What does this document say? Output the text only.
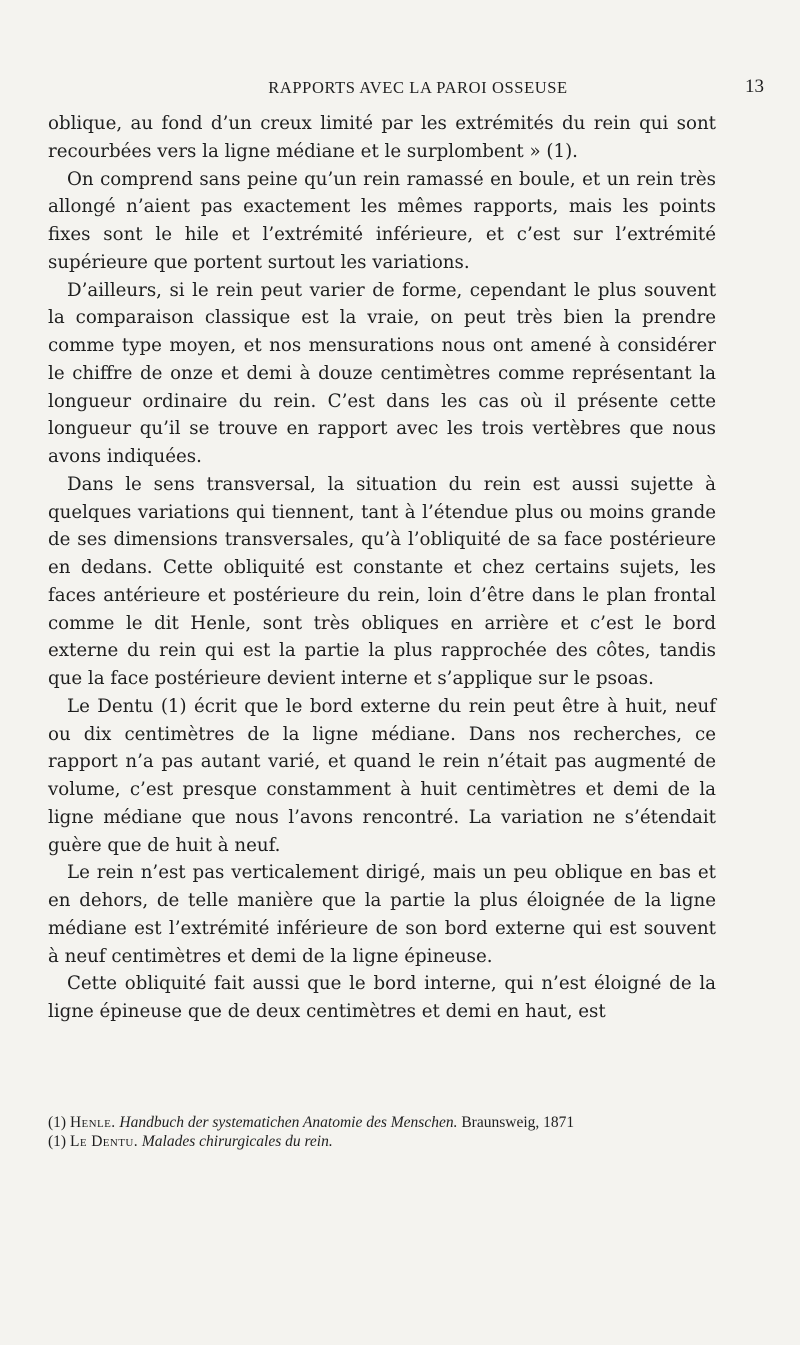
RAPPORTS AVEC LA PAROI OSSEUSE	13

oblique, au fond d’un creux limité par les extrémités du rein qui sont recourbées vers la ligne médiane et le surplombent » (1).

On comprend sans peine qu’un rein ramassé en boule, et un rein très allongé n’aient pas exactement les mêmes rapports, mais les points fixes sont le hile et l’extrémité inférieure, et c’est sur l’extrémité supérieure que portent surtout les variations.

D’ailleurs, si le rein peut varier de forme, cependant le plus souvent la comparaison classique est la vraie, on peut très bien la prendre comme type moyen, et nos mensurations nous ont amené à considérer le chiffre de onze et demi à douze centimètres comme représentant la longueur ordinaire du rein. C’est dans les cas où il présente cette longueur qu’il se trouve en rapport avec les trois vertèbres que nous avons indiquées.

Dans le sens transversal, la situation du rein est aussi sujette à quelques variations qui tiennent, tant à l’étendue plus ou moins grande de ses dimensions transversales, qu’à l’obliquité de sa face postérieure en dedans. Cette obliquité est constante et chez certains sujets, les faces antérieure et postérieure du rein, loin d’être dans le plan frontal comme le dit Henle, sont très obliques en arrière et c’est le bord externe du rein qui est la partie la plus rapprochée des côtes, tandis que la face postérieure devient interne et s’applique sur le psoas.

Le Dentu (1) écrit que le bord externe du rein peut être à huit, neuf ou dix centimètres de la ligne médiane. Dans nos recherches, ce rapport n’a pas autant varié, et quand le rein n’était pas augmenté de volume, c’est presque constamment à huit centimètres et demi de la ligne médiane que nous l’avons rencontré. La variation ne s’étendait guère que de huit à neuf.

Le rein n’est pas verticalement dirigé, mais un peu oblique en bas et en dehors, de telle manière que la partie la plus éloignée de la ligne médiane est l’extrémité inférieure de son bord externe qui est souvent à neuf centimètres et demi de la ligne épineuse.

Cette obliquité fait aussi que le bord interne, qui n’est éloigné de la ligne épineuse que de deux centimètres et demi en haut, est

(1) Henle. Handbuch der systematichen Anatomie des Menschen. Braunsweig, 1871

(1) Le Dentu. Malades chirurgicales du rein.
